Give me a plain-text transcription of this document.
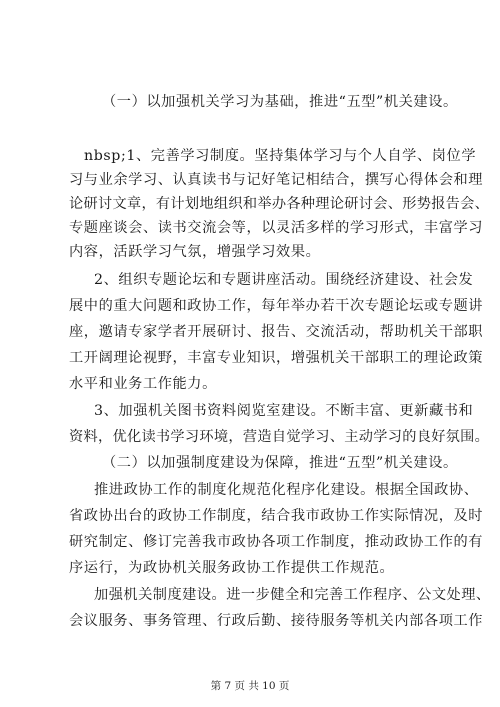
（一）以加强机关学习为基础，推进“五型”机关建设。
nbsp;1、完善学习制度。坚持集体学习与个人自学、岗位学
习与业余学习、认真读书与记好笔记相结合，撰写心得体会和理
论研讨文章，有计划地组织和举办各种理论研讨会、形势报告会、
专题座谈会、读书交流会等，以灵活多样的学习形式，丰富学习
内容，活跃学习气氛，增强学习效果。
2、组织专题论坛和专题讲座活动。围绕经济建设、社会发
展中的重大问题和政协工作，每年举办若干次专题论坛或专题讲
座，邀请专家学者开展研讨、报告、交流活动，帮助机关干部职
工开阔理论视野，丰富专业知识，增强机关干部职工的理论政策
水平和业务工作能力。
3、加强机关图书资料阅览室建设。不断丰富、更新藏书和
资料，优化读书学习环境，营造自觉学习、主动学习的良好氛围。
（二）以加强制度建设为保障，推进“五型”机关建设。
推进政协工作的制度化规范化程序化建设。根据全国政协、
省政协出台的政协工作制度，结合我市政协工作实际情况，及时
研究制定、修订完善我市政协各项工作制度，推动政协工作的有
序运行，为政协机关服务政协工作提供工作规范。
加强机关制度建设。进一步健全和完善工作程序、公文处理、
会议服务、事务管理、行政后勤、接待服务等机关内部各项工作
第 7 页 共 10 页
